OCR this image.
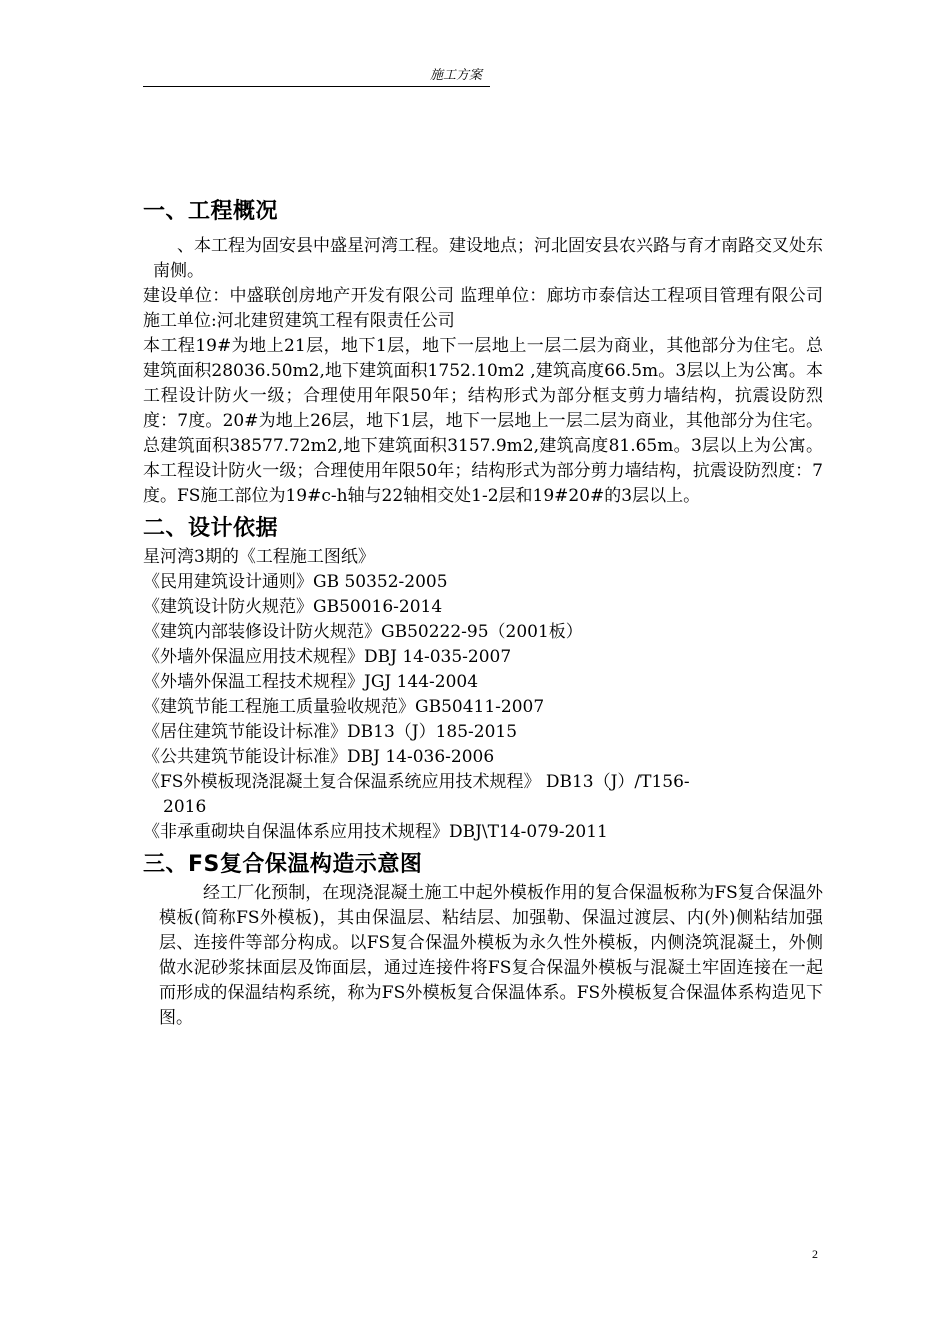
施工方案
一、工程概况

、本工程为固安县中盛星河湾工程。建设地点；河北固安县农兴路与育才南路交叉处东南侧。

建设单位：中盛联创房地产开发有限公司 监理单位：廊坊市泰信达工程项目管理有限公司 施工单位:河北建贸建筑工程有限责任公司

本工程19#为地上21层，地下1层，地下一层地上一层二层为商业，其他部分为住宅。总建筑面积28036.50m2,地下建筑面积1752.10m2 ,建筑高度66.5m。3层以上为公寓。本工程设计防火一级；合理使用年限50年；结构形式为部分框支剪力墙结构，抗震设防烈度：7度。20#为地上26层，地下1层，地下一层地上一层二层为商业，其他部分为住宅。总建筑面积38577.72m2,地下建筑面积3157.9m2,建筑高度81.65m。3层以上为公寓。本工程设计防火一级；合理使用年限50年；结构形式为部分剪力墙结构，抗震设防烈度：7度。FS施工部位为19#c-h轴与22轴相交处1-2层和19#20#的3层以上。

二、设计依据

星河湾3期的《工程施工图纸》

《民用建筑设计通则》GB 50352-2005

《建筑设计防火规范》GB50016-2014

《建筑内部装修设计防火规范》GB50222-95（2001板）

《外墙外保温应用技术规程》DBJ 14-035-2007

《外墙外保温工程技术规程》JGJ 144-2004

《建筑节能工程施工质量验收规范》GB50411-2007

《居住建筑节能设计标准》DB13（J）185-2015

《公共建筑节能设计标准》DBJ 14-036-2006

《FS外模板现浇混凝土复合保温系统应用技术规程》 DB13（J）/T156-

2016

《非承重砌块自保温体系应用技术规程》DBJ\T14-079-2011

三、FS复合保温构造示意图

经工厂化预制，在现浇混凝土施工中起外模板作用的复合保温板称为FS复合保温外模板(简称FS外模板)，其由保温层、粘结层、加强勒、保温过渡层、内(外)侧粘结加强层、连接件等部分构成。以FS复合保温外模板为永久性外模板，内侧浇筑混凝土，外侧做水泥砂浆抹面层及饰面层，通过连接件将FS复合保温外模板与混凝土牢固连接在一起而形成的保温结构系统，称为FS外模板复合保温体系。FS外模板复合保温体系构造见下图。

2
